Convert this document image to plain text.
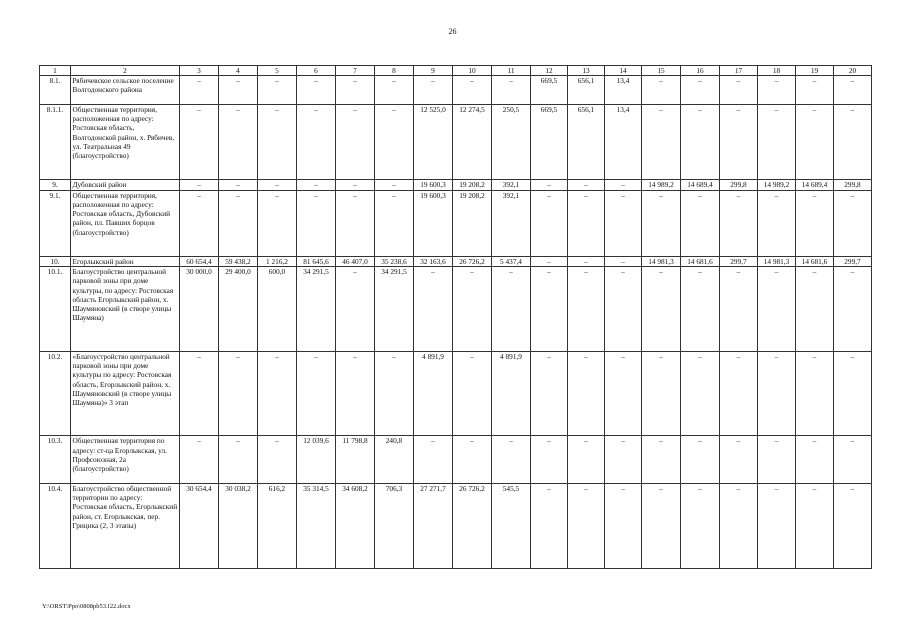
26
1	2	3	4	5	6	7	8	9	10	11	12	13	14	15	16	17	18	19	20
8.1.	Рябичевское сельское поселение Волгодонского района	–	–	–	–	–	–	–	–	–	669,5	656,1	13,4	–	–	–	–	–	–
8.1.1.	Общественная территория, расположенная по адресу: Ростовская область, Волгодонской район, х. Рябичев, ул. Театральная 49 (благоустройство)	–	–	–	–	–	–	12 525,0	12 274,5	250,5	669,5	656,1	13,4	–	–	–	–	–	–
9.	Дубовский район	–	–	–	–	–	–	19 600,3	19 208,2	392,1	–	–	–	14 989,2	14 689,4	299,8	14 989,2	14 689,4	299,8
9.1.	Общественная территория, расположенная по адресу: Ростовская область, Дубовский район, пл. Павших борцов (благоустройство)	–	–	–	–	–	–	19 600,3	19 208,2	392,1	–	–	–	–	–	–	–	–	–
10.	Егорлыкский район	60 654,4	59 438,2	1 216,2	81 645,6	46 407,0	35 238,6	32 163,6	26 726,2	5 437,4	–	–	–	14 981,3	14 681,6	299,7	14 981,3	14 681,6	299,7
10.1.	Благоустройство центральной парковой зоны при доме культуры, по адресу: Ростовская область Егорлыкский район, х. Шаумяновский (в створе улицы Шаумяна)	30 000,0	29 400,0	600,0	34 291,5	–	34 291,5	–	–	–	–	–	–	–	–	–	–	–	–
10.2.	«Благоустройство центральной парковой зоны при доме культуры по адресу: Ростовская область, Егорлыкский район, х. Шаумяновский (в створе улицы Шаумяна)» 3 этап	–	–	–	–	–	–	4 891,9	–	4 891,9	–	–	–	–	–	–	–	–	–
10.3.	Общественная территория по адресу: ст-ца Егорлыкская, ул. Профсоюзная, 2а (благоустройство)	–	–	–	12 039,6	11 798,8	240,8	–	–	–	–	–	–	–	–	–	–	–	–
10.4.	Благоустройство общественной территории по адресу: Ростовская область, Егорлыкский район, ст. Егорлыкская, пер. Грицика (2, 3 этапы)	30 654,4	30 038,2	616,2	35 314,5	34 608,2	706,3	27 271,7	26 726,2	545,5	–	–	–	–	–	–	–	–	–
Y:\ORST\Ppo\0808pb53.f22.docx
